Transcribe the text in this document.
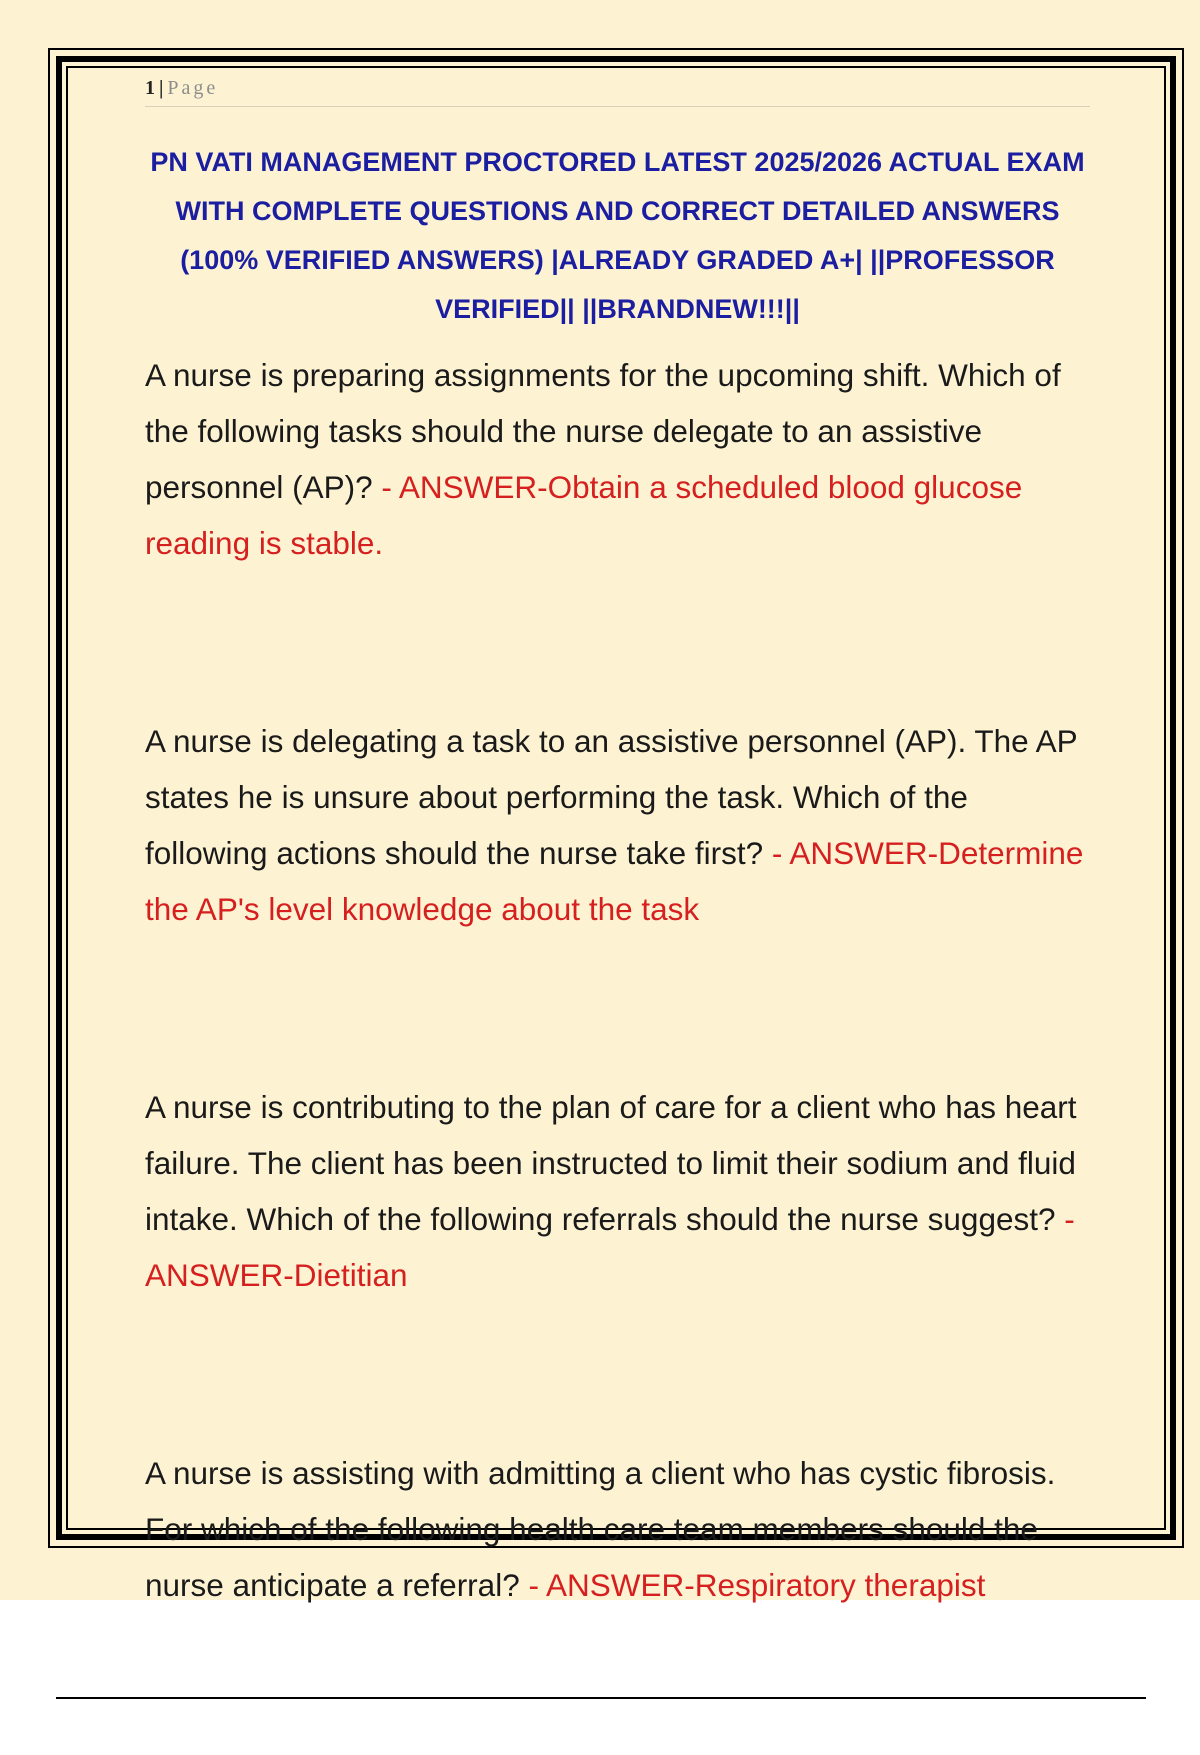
1 | Page
PN VATI MANAGEMENT PROCTORED LATEST 2025/2026 ACTUAL EXAM WITH COMPLETE QUESTIONS AND CORRECT DETAILED ANSWERS (100% VERIFIED ANSWERS) |ALREADY GRADED A+| ||PROFESSOR VERIFIED|| ||BRANDNEW!!!||

A nurse is preparing assignments for the upcoming shift. Which of the following tasks should the nurse delegate to an assistive personnel (AP)? - ANSWER-Obtain a scheduled blood glucose reading is stable.

A nurse is delegating a task to an assistive personnel (AP). The AP states he is unsure about performing the task. Which of the following actions should the nurse take first? - ANSWER-Determine the AP's level knowledge about the task

A nurse is contributing to the plan of care for a client who has heart failure. The client has been instructed to limit their sodium and fluid intake. Which of the following referrals should the nurse suggest? - ANSWER-Dietitian

A nurse is assisting with admitting a client who has cystic fibrosis. For which of the following health care team members should the nurse anticipate a referral? - ANSWER-Respiratory therapist
